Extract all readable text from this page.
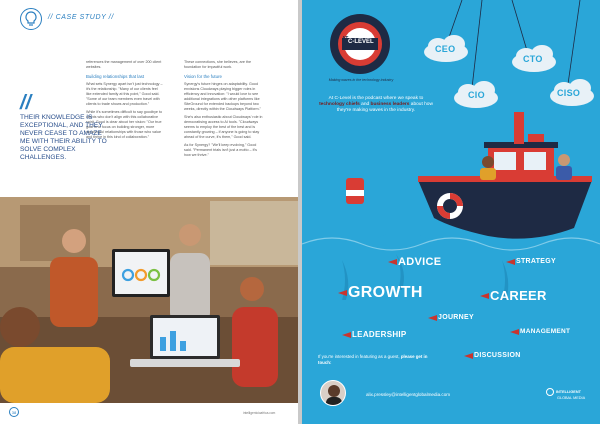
// CASE STUDY //

references the management of over 200 client websites.

Building relationships that last

What sets Synergy apart isn't just technology – it's the relationship. "Many of our clients feel like extended family at this point," Good said. "Some of our team members even travel with clients to trade shows and production."

While it's sometimes difficult to say goodbye to clients who don't align with this collaborative spirit, Good is clear about her vision: "Our true goal is to focus on building stronger, more meaningful relationships with those who value and thrive in this kind of collaboration."

These connections, she believes, are the foundation for impactful work.

Vision for the future

Synergy's future hinges on adaptability. Good envisions Cloudways playing bigger roles in efficiency and innovation: "I would love to see additional integrations with other platforms like SiteGround for extended backups beyond two weeks, directly within the Cloudways Platform."

She's also enthusiastic about Cloudways' role in democratising access to AI tools. "Cloudways seems to employ the best of the best and is constantly growing – if anyone is going to stay ahead of the curve, it's them," Good said.

As for Synergy? "We'll keep evolving," Good said. "Permanent trials isn't just a motto – it's how we thrive."

//
THEIR KNOWLEDGE IS EXCEPTIONAL, AND THEY NEVER CEASE TO AMAZE ME WITH THEIR ABILITY TO SOLVE COMPLEX CHALLENGES.
38	intelligentcioafrica.com
AT C-LEVEL
Making waves in the technology industry
CEO
CTO
CIO	CISO
At C-Level is the podcast where we speak to technology chiefs and business leaders about how they're making waves in the industry.
ADVICE	STRATEGY
GROWTH	CAREER
JOURNEY
LEADERSHIP	MANAGEMENT
DISCUSSION
If you're interested in featuring as a guest, please get in touch:
alix.pressley@intelligentglobalmedia.com	INTELLIGENT
GLOBAL MEDIA
